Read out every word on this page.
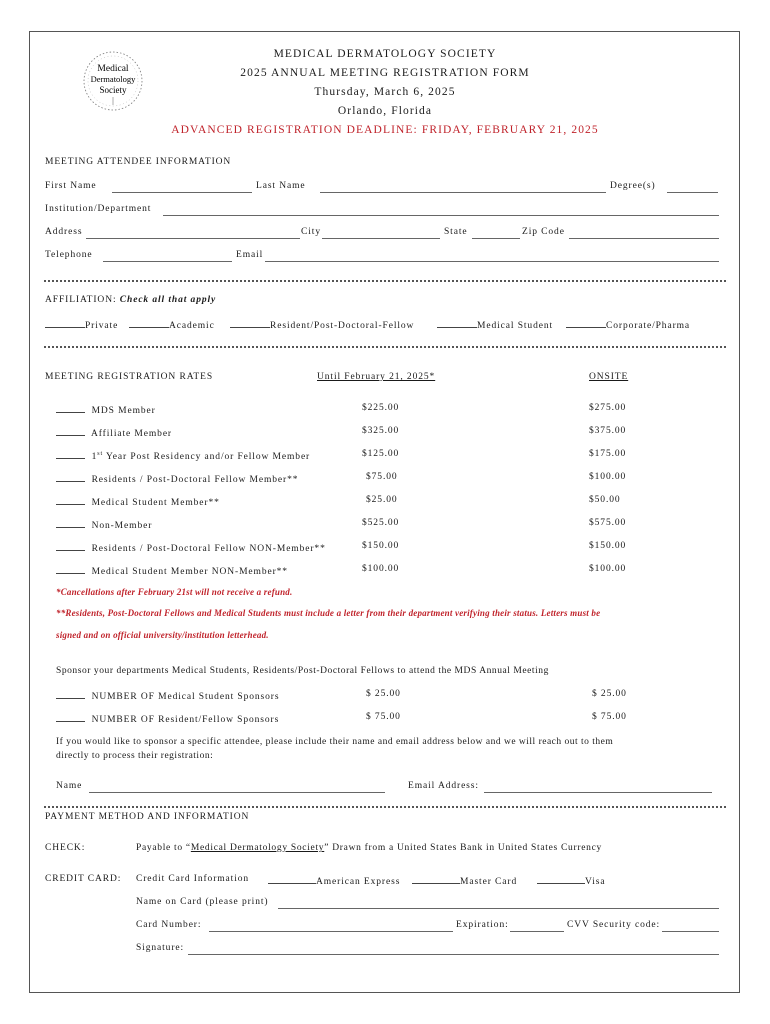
Medical
Dermatology
Society
MEDICAL DERMATOLOGY SOCIETY
2025 ANNUAL MEETING REGISTRATION FORM
Thursday, March 6, 2025
Orlando, Florida
ADVANCED REGISTRATION DEADLINE: FRIDAY, FEBRUARY 21, 2025
MEETING ATTENDEE INFORMATION
First Name	Last Name	Degree(s)
Institution/Department
Address	City	State	Zip Code
Telephone	Email
AFFILIATION: Check all that apply
Private	Academic	Resident/Post-Doctoral-Fellow	Medical Student	Corporate/Pharma
MEETING REGISTRATION RATES	Until February 21, 2025*	ONSITE
MDS Member	$225.00	$275.00
Affiliate Member	$325.00	$375.00
1st Year Post Residency and/or Fellow Member	$125.00	$175.00
Residents / Post-Doctoral Fellow Member**	$75.00	$100.00
Medical Student Member**	$25.00	$50.00
Non-Member	$525.00	$575.00
Residents / Post-Doctoral Fellow NON-Member**	$150.00	$150.00
Medical Student Member NON-Member**	$100.00	$100.00
*Cancellations after February 21st will not receive a refund.
**Residents, Post-Doctoral Fellows and Medical Students must include a letter from their department verifying their status. Letters must be
signed and on official university/institution letterhead.
Sponsor your departments Medical Students, Residents/Post-Doctoral Fellows to attend the MDS Annual Meeting
NUMBER OF Medical Student Sponsors	$ 25.00	$ 25.00
NUMBER OF Resident/Fellow Sponsors	$ 75.00	$ 75.00
If you would like to sponsor a specific attendee, please include their name and email address below and we will reach out to them
directly to process their registration:
Name	Email Address:
PAYMENT METHOD AND INFORMATION
CHECK:	Payable to “Medical Dermatology Society” Drawn from a United States Bank in United States Currency
CREDIT CARD: Credit Card Information	American Express	Master Card	Visa
Name on Card (please print)
Card Number:	Expiration:	CVV Security code:
Signature:
